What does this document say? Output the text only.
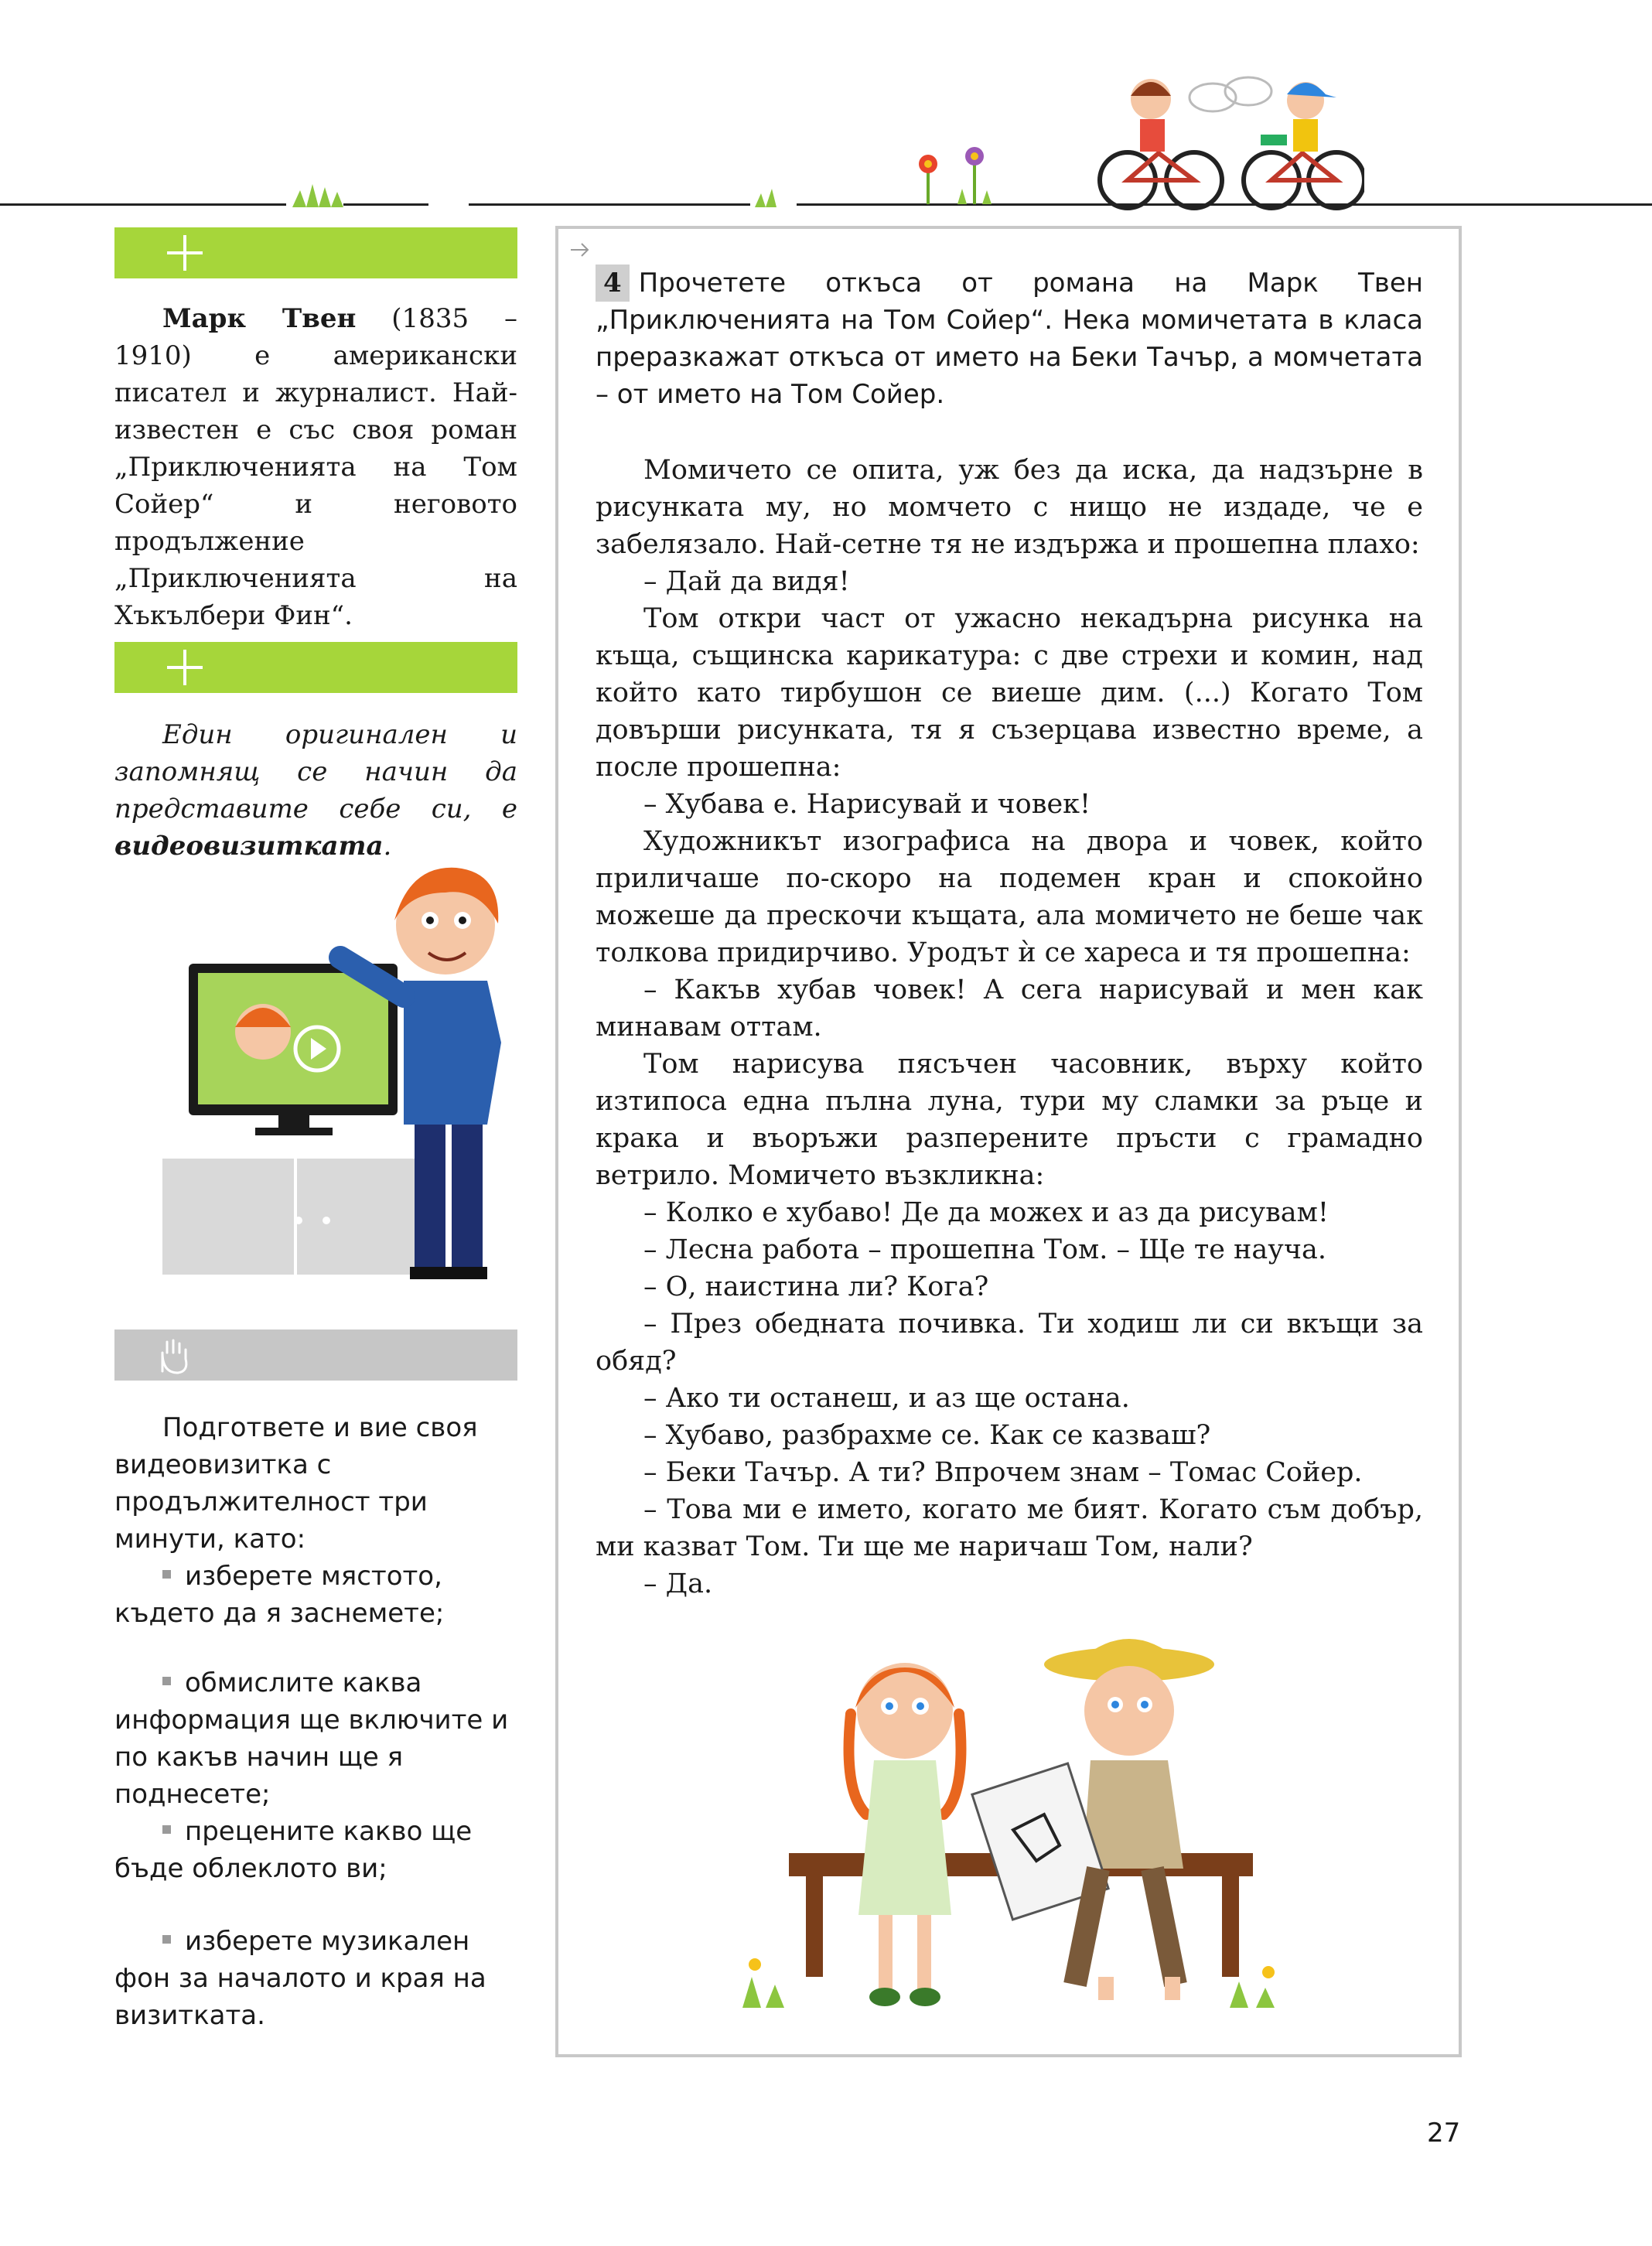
Марк Твен (1835 – 1910) е американски писател и журналист. Най-известен е със своя роман „Приключенията на Том Сойер“ и неговото продължение „Приключенията на Хъкълбери Фин“.

Един оригинален и запомнящ се начин да представите себе си, е видеовизитката.

Подгответе и вие своя видеовизитка с продължителност три минути, като:

изберете мястото, където да я заснемете;

обмислите каква информация ще включите и по какъв начин ще я поднесете;

прецените какво ще бъде облеклото ви;

изберете музикален фон за началото и края на визитката.

4 Прочетете откъса от романа на Марк Твен „Приключенията на Том Сойер“. Нека момичетата в класа преразкажат откъса от името на Беки Тачър, а момчетата – от името на Том Сойер.

Момичето се опита, уж без да иска, да надзърне в рисунката му, но момчето с нищо не издаде, че е забелязало. Най-сетне тя не издържа и прошепна плахо:

– Дай да видя!

Том откри част от ужасно некадърна рисунка на къща, същинска карикатура: с две стрехи и комин, над който като тирбушон се виеше дим. (...) Когато Том довърши рисунката, тя я съзерцава известно време, а после прошепна:

– Хубава е. Нарисувай и човек!

Художникът изографиса на двора и човек, който приличаше по-скоро на подемен кран и спокойно можеше да прескочи къщата, ала момичето не беше чак толкова придирчиво. Уродът ѝ се хареса и тя прошепна:

– Какъв хубав човек! А сега нарисувай и мен как минавам оттам.

Том нарисува пясъчен часовник, върху който изтипоса една пълна луна, тури му сламки за ръце и крака и въоръжи разперените пръсти с грамадно ветрило. Момичето възкликна:

– Колко е хубаво! Де да можех и аз да рисувам!

– Лесна работа – прошепна Том. – Ще те науча.

– О, наистина ли? Кога?

– През обедната почивка. Ти ходиш ли си вкъщи за обяд?

– Ако ти останеш, и аз ще остана.

– Хубаво, разбрахме се. Как се казваш?

– Беки Тачър. А ти? Впрочем знам – Томас Сойер.

– Това ми е името, когато ме бият. Когато съм добър, ми казват Том. Ти ще ме наричаш Том, нали?

– Да.

27
